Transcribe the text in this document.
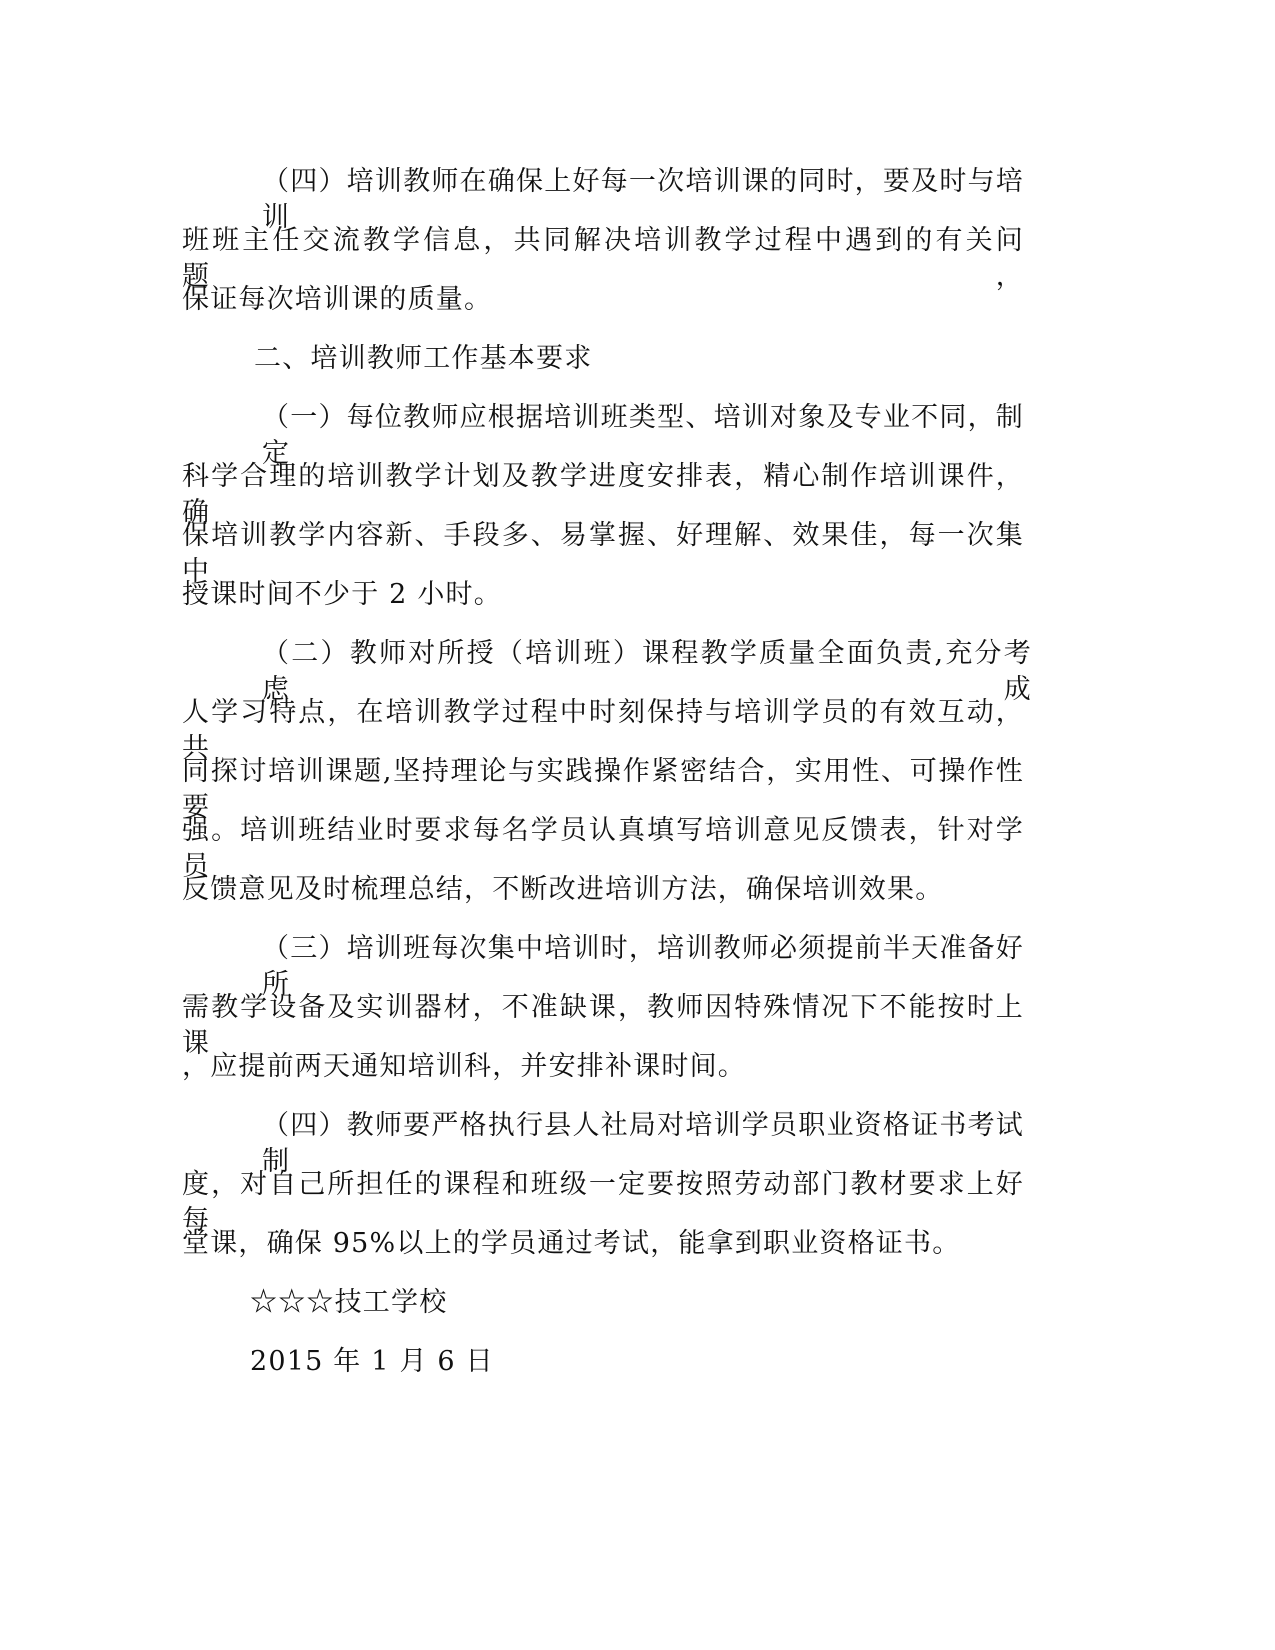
（四）培训教师在确保上好每一次培训课的同时，要及时与培训

班班主任交流教学信息，共同解决培训教学过程中遇到的有关问题，

保证每次培训课的质量。

二、培训教师工作基本要求

（一）每位教师应根据培训班类型、培训对象及专业不同，制定

科学合理的培训教学计划及教学进度安排表，精心制作培训课件，确

保培训教学内容新、手段多、易掌握、好理解、效果佳，每一次集中

授课时间不少于 2 小时。

（二）教师对所授（培训班）课程教学质量全面负责,充分考虑成

人学习特点，在培训教学过程中时刻保持与培训学员的有效互动，共

同探讨培训课题,坚持理论与实践操作紧密结合，实用性、可操作性要

强。培训班结业时要求每名学员认真填写培训意见反馈表，针对学员

反馈意见及时梳理总结，不断改进培训方法，确保培训效果。

（三）培训班每次集中培训时，培训教师必须提前半天准备好所

需教学设备及实训器材，不准缺课，教师因特殊情况下不能按时上课

，应提前两天通知培训科，并安排补课时间。

（四）教师要严格执行县人社局对培训学员职业资格证书考试制

度，对自己所担任的课程和班级一定要按照劳动部门教材要求上好每

堂课，确保 95%以上的学员通过考试，能拿到职业资格证书。

☆☆☆技工学校

2015 年 1 月 6 日
